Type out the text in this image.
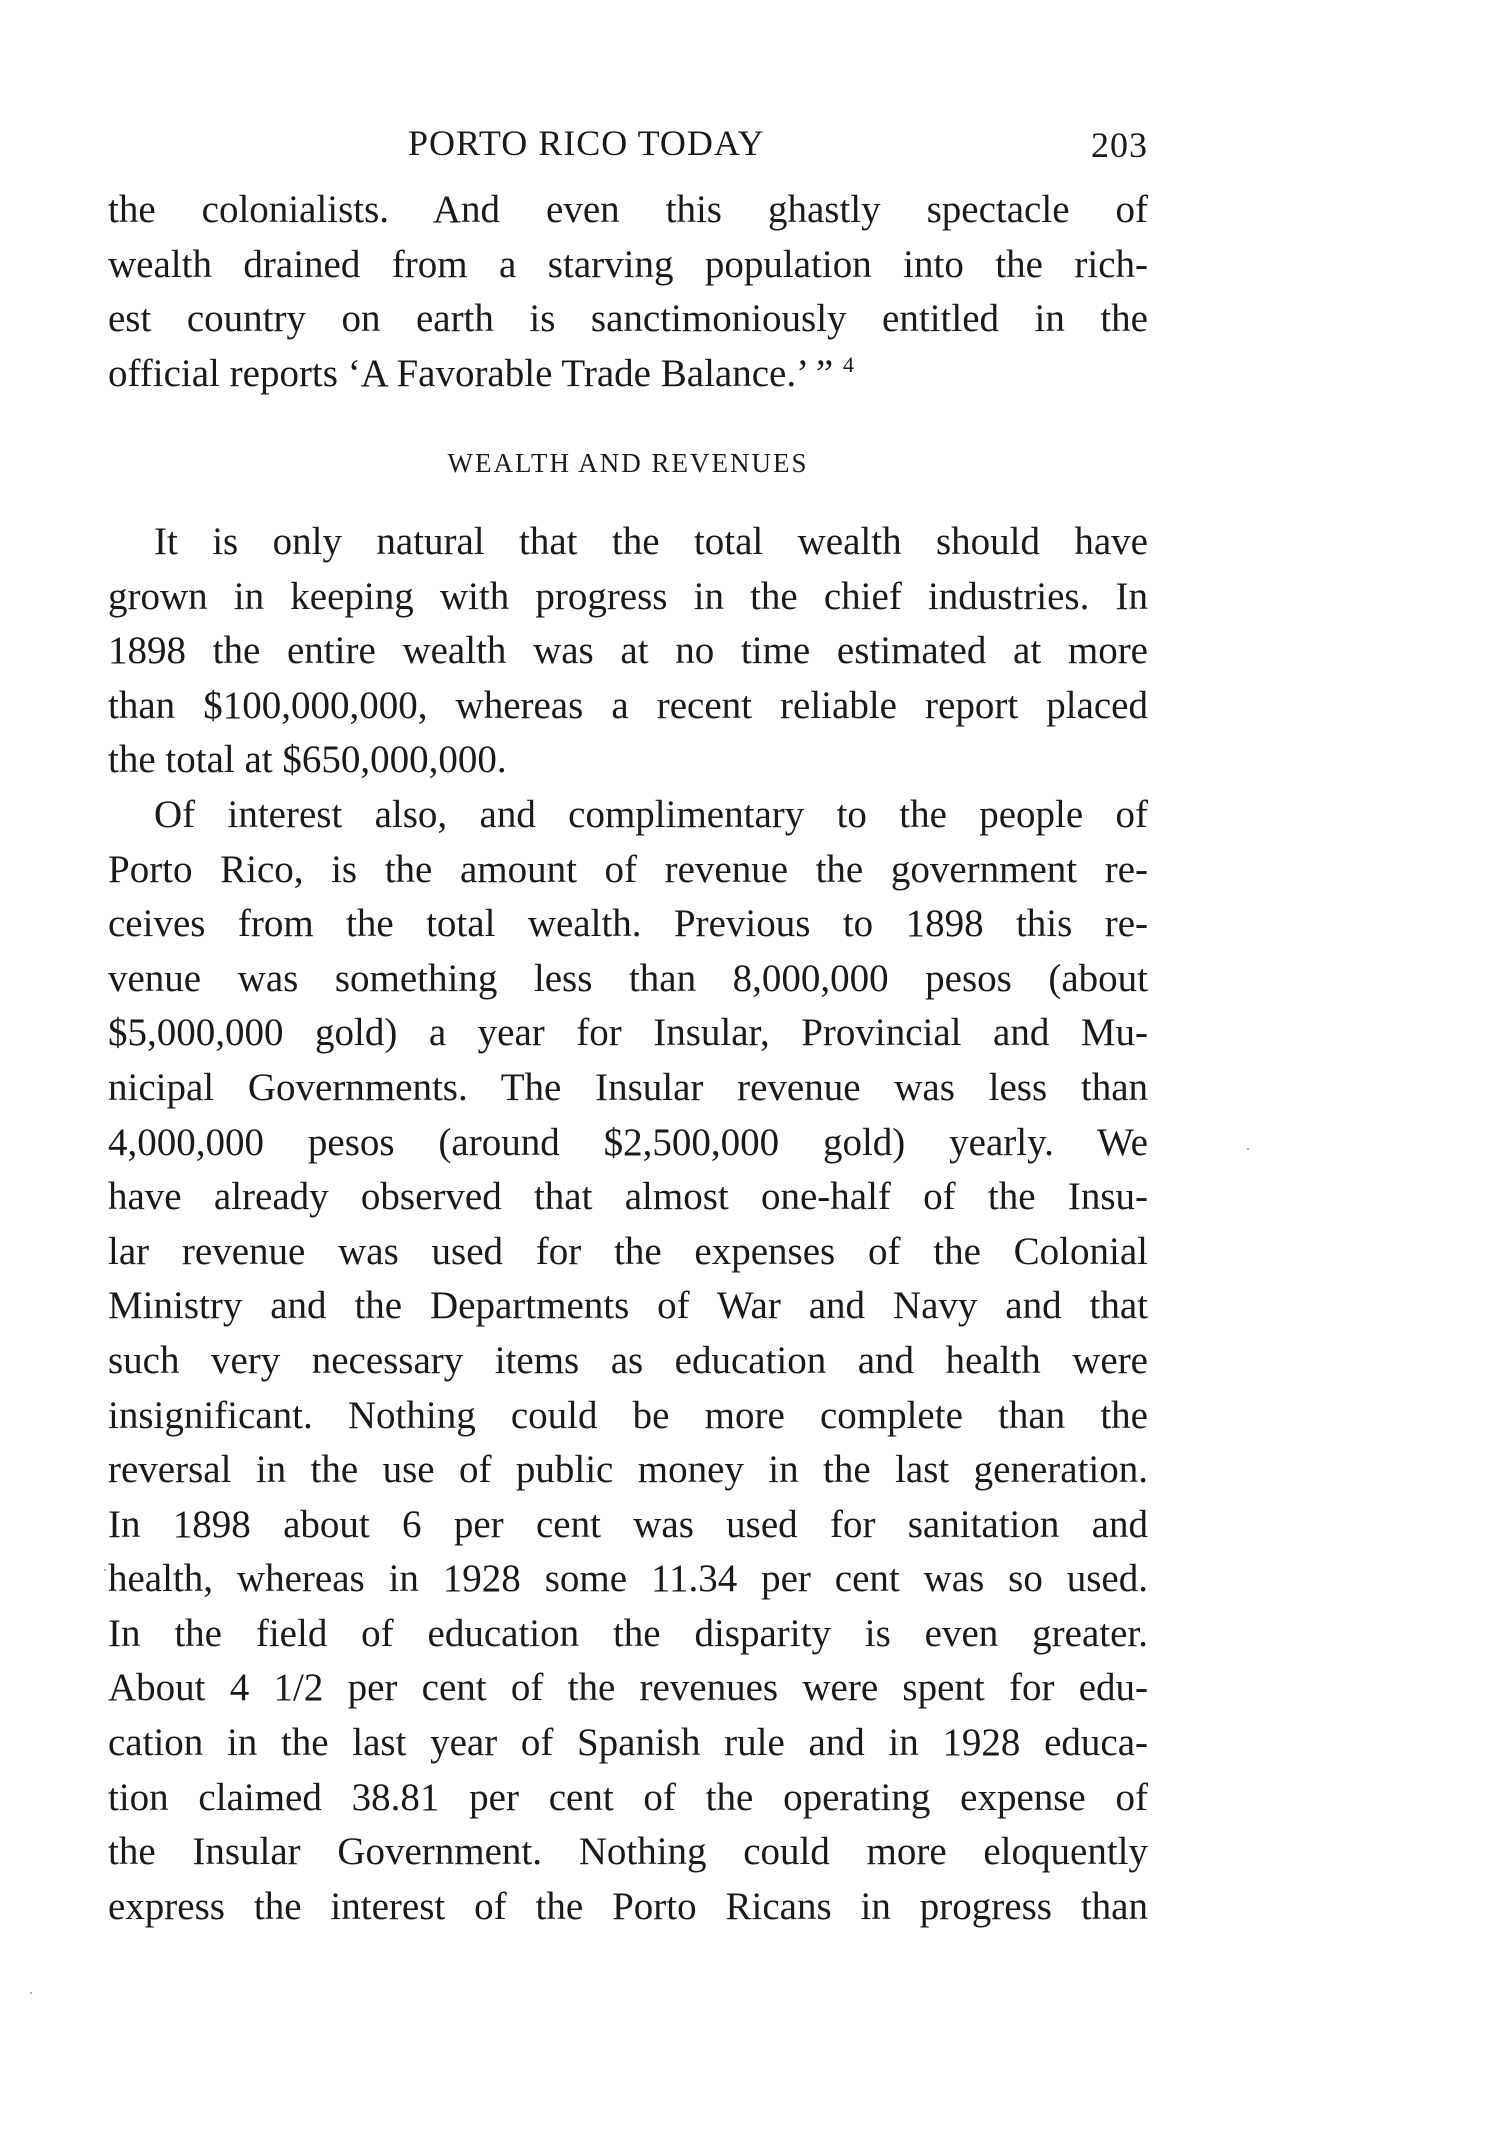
PORTO RICO TODAY	203
the colonialists. And even this ghastly spectacle of
wealth drained from a starving population into the rich-
est country on earth is sanctimoniously entitled in the
official reports ‘A Favorable Trade Balance.’ ” $^4$
WEALTH AND REVENUES
It is only natural that the total wealth should have
grown in keeping with progress in the chief industries. In
1898 the entire wealth was at no time estimated at more
than $100,000,000, whereas a recent reliable report placed
the total at $650,000,000.
Of interest also, and complimentary to the people of
Porto Rico, is the amount of revenue the government re-
ceives from the total wealth. Previous to 1898 this re-
venue was something less than 8,000,000 pesos (about
$5,000,000 gold) a year for Insular, Provincial and Mu-
nicipal Governments. The Insular revenue was less than
4,000,000 pesos (around $2,500,000 gold) yearly. We
have already observed that almost one-half of the Insu-
lar revenue was used for the expenses of the Colonial
Ministry and the Departments of War and Navy and that
such very necessary items as education and health were
insignificant. Nothing could be more complete than the
reversal in the use of public money in the last generation.
In 1898 about 6 per cent was used for sanitation and
health, whereas in 1928 some 11.34 per cent was so used.
In the field of education the disparity is even greater.
About 4 1/2 per cent of the revenues were spent for edu-
cation in the last year of Spanish rule and in 1928 educa-
tion claimed 38.81 per cent of the operating expense of
the Insular Government. Nothing could more eloquently
express the interest of the Porto Ricans in progress than
